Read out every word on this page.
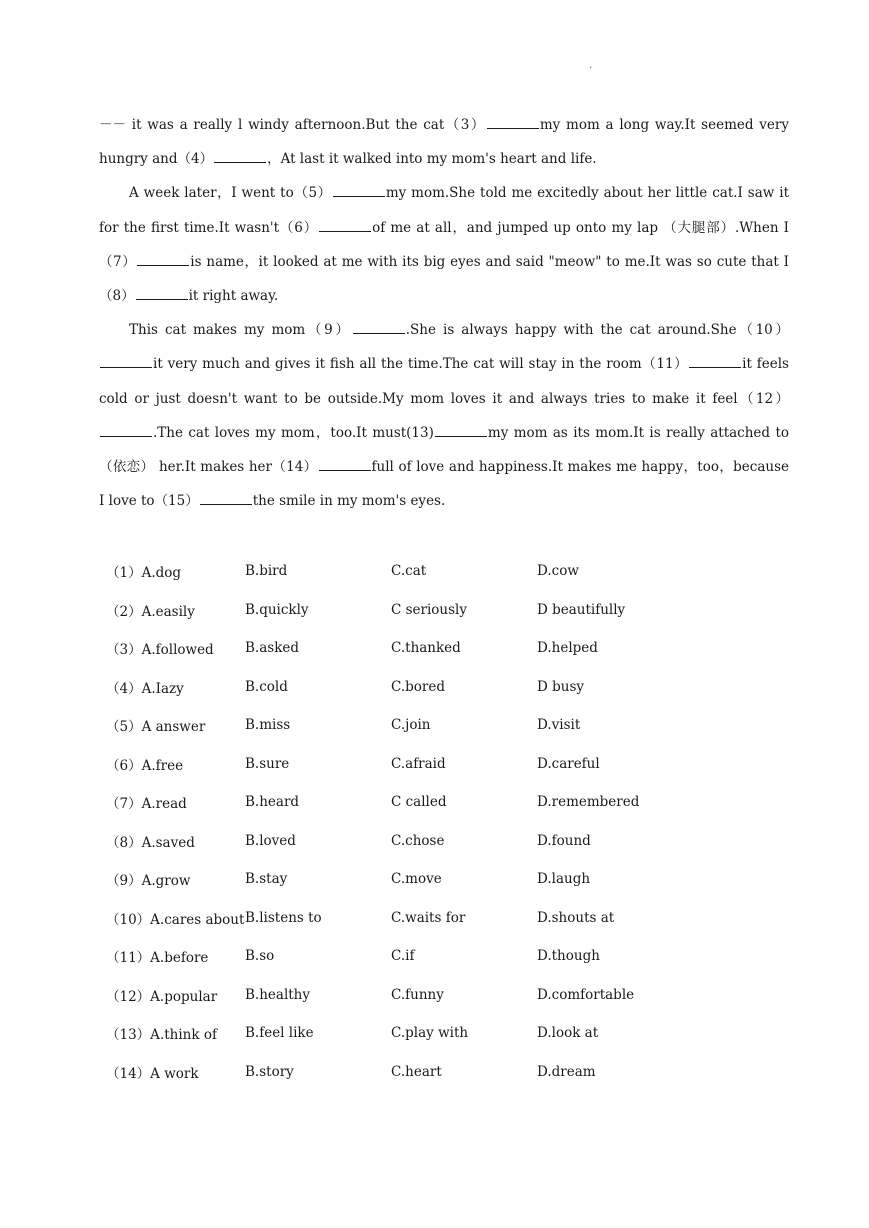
.

－－ it was a really l windy afternoon.But the cat（3）	my mom a long way.It seemed very hungry and（4）	，At last it walked into my mom's heart and life.

A week later，I went to（5）	my mom.She told me excitedly about her little cat.I saw it for the first time.It wasn't（6）	of me at all，and jumped up onto my lap （大腿部）.When I（7）	is name，it looked at me with its big eyes and said "meow" to me.It was so cute that I（8）	it right away.

This cat makes my mom（9）	.She is always happy with the cat around.She（10）it very much and gives it fish all the time.The cat will stay in the room（11）	it feels cold or just doesn't want to be outside.My mom loves it and always tries to make it feel（12）.The cat loves my mom，too.It must(13)	my mom as its mom.It is really attached to （依恋） her.It makes her（14）	full of love and happiness.It makes me happy，too，because I love to（15）	the smile in my mom's eyes.

（1）A.dog	B.bird	C.cat	D.cow
（2）A.easily	B.quickly	C seriously	D beautifully
（3）A.followed	B.asked	C.thanked	D.helped
（4）A.Iazy	B.cold	C.bored	D busy
（5）A answer	B.miss	C.join	D.visit
（6）A.free	B.sure	C.afraid	D.careful
（7）A.read	B.heard	C called	D.remembered
（8）A.saved	B.loved	C.chose	D.found
（9）A.grow	B.stay	C.move	D.laugh
（10）A.cares about B.listens to	C.waits for	D.shouts at
（11）A.before	B.so	C.if	D.though
（12）A.popular	B.healthy	C.funny	D.comfortable
（13）A.think of	B.feel like	C.play with	D.look at
（14）A work	B.story	C.heart	D.dream
